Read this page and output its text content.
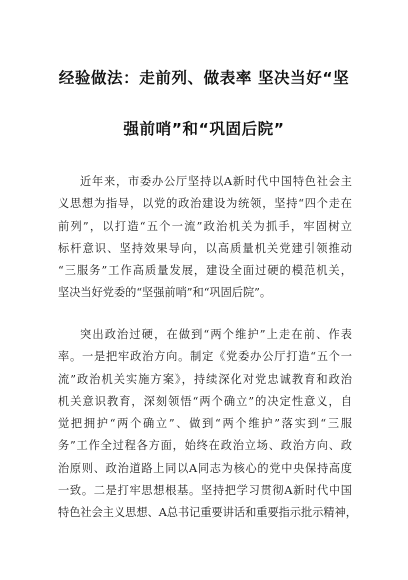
经验做法：走前列、做表率 坚决当好“坚
强前哨”和“巩固后院”
近年来，市委办公厅坚持以A新时代中国特色社会主
义思想为指导，以党的政治建设为统领，坚持“四个走在
前列”，以打造“五个一流”政治机关为抓手，牢固树立
标杆意识、坚持效果导向，以高质量机关党建引领推动
“三服务”工作高质量发展，建设全面过硬的模范机关，
坚决当好党委的“坚强前哨”和“巩固后院”。
突出政治过硬，在做到“两个维护”上走在前、作表
率。一是把牢政治方向。制定《党委办公厅打造“五个一
流”政治机关实施方案》，持续深化对党忠诚教育和政治
机关意识教育，深刻领悟“两个确立”的决定性意义，自
觉把拥护“两个确立”、做到“两个维护”落实到“三服
务”工作全过程各方面，始终在政治立场、政治方向、政
治原则、政治道路上同以A同志为核心的党中央保持高度
一致。二是打牢思想根基。坚持把学习贯彻A新时代中国
特色社会主义思想、A总书记重要讲话和重要指示批示精神，
